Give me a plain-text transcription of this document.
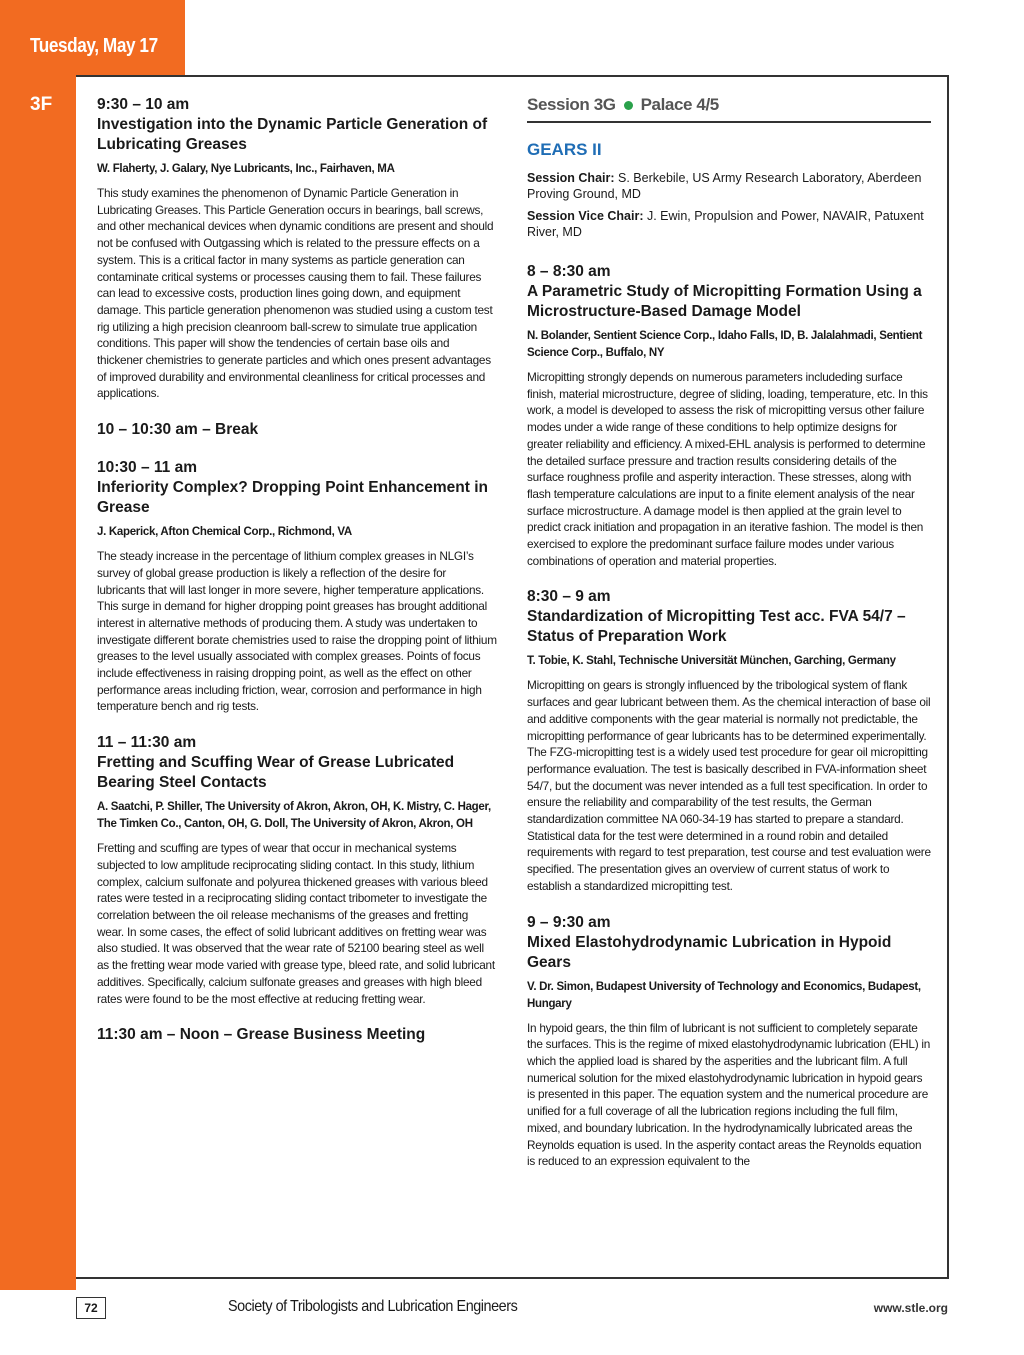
Tuesday, May 17
3F	9:30 – 10 am
Investigation into the Dynamic Particle Generation of Lubricating Greases
W. Flaherty, J. Galary, Nye Lubricants, Inc., Fairhaven, MA
This study examines the phenomenon of Dynamic Particle Generation in Lubricating Greases. This Particle Generation occurs in bearings, ball screws, and other mechanical devices when dynamic conditions are present and should not be confused with Outgassing which is related to the pressure effects on a system. This is a critical factor in many systems as particle generation can contaminate critical systems or processes causing them to fail. These failures can lead to excessive costs, production lines going down, and equipment damage. This particle generation phenomenon was studied using a custom test rig utilizing a high precision cleanroom ball-screw to simulate true application conditions. This paper will show the tendencies of certain base oils and thickener chemistries to generate particles and which ones present advantages of improved durability and environmental cleanliness for critical processes and applications.
10 – 10:30 am – Break
10:30 – 11 am
Inferiority Complex? Dropping Point Enhancement in Grease
J. Kaperick, Afton Chemical Corp., Richmond, VA
The steady increase in the percentage of lithium complex greases in NLGI’s survey of global grease production is likely a reflection of the desire for lubricants that will last longer in more severe, higher temperature applications. This surge in demand for higher dropping point greases has brought additional interest in alternative methods of producing them. A study was undertaken to investigate different borate chemistries used to raise the dropping point of lithium greases to the level usually associated with complex greases. Points of focus include effectiveness in raising dropping point, as well as the effect on other performance areas including friction, wear, corrosion and performance in high temperature bench and rig tests.
11 – 11:30 am
Fretting and Scuffing Wear of Grease Lubricated Bearing Steel Contacts
A. Saatchi, P. Shiller, The University of Akron, Akron, OH, K. Mistry, C. Hager, The Timken Co., Canton, OH, G. Doll, The University of Akron, Akron, OH
Fretting and scuffing are types of wear that occur in mechanical systems subjected to low amplitude reciprocating sliding contact. In this study, lithium complex, calcium sulfonate and polyurea thickened greases with various bleed rates were tested in a reciprocating sliding contact tribometer to investigate the correlation between the oil release mechanisms of the greases and fretting wear. In some cases, the effect of solid lubricant additives on fretting wear was also studied. It was observed that the wear rate of 52100 bearing steel as well as the fretting wear mode varied with grease type, bleed rate, and solid lubricant additives. Specifically, calcium sulfonate greases and greases with high bleed rates were found to be the most effective at reducing fretting wear.
11:30 am – Noon – Grease Business Meeting
Session 3G Palace 4/5
GEARS II
Session Chair: S. Berkebile, US Army Research Laboratory, Aberdeen Proving Ground, MD
Session Vice Chair: J. Ewin, Propulsion and Power, NAVAIR, Patuxent River, MD
8 – 8:30 am
A Parametric Study of Micropitting Formation Using a Microstructure-Based Damage Model
N. Bolander, Sentient Science Corp., Idaho Falls, ID, B. Jalalahmadi, Sentient Science Corp., Buffalo, NY
Micropitting strongly depends on numerous parameters includeding surface finish, material microstructure, degree of sliding, loading, temperature, etc. In this work, a model is developed to assess the risk of micropitting versus other failure modes under a wide range of these conditions to help optimize designs for greater reliability and efficiency. A mixed-EHL analysis is performed to determine the detailed surface pressure and traction results considering details of the surface roughness profile and asperity interaction. These stresses, along with flash temperature calculations are input to a finite element analysis of the near surface microstructure. A damage model is then applied at the grain level to predict crack initiation and propagation in an iterative fashion. The model is then exercised to explore the predominant surface failure modes under various combinations of operation and material properties.
8:30 – 9 am
Standardization of Micropitting Test acc. FVA 54/7 – Status of Preparation Work
T. Tobie, K. Stahl, Technische Universität München, Garching, Germany
Micropitting on gears is strongly influenced by the tribological system of flank surfaces and gear lubricant between them. As the chemical interaction of base oil and additive components with the gear material is normally not predictable, the micropitting performance of gear lubricants has to be determined experimentally. The FZG-micropitting test is a widely used test procedure for gear oil micropitting performance evaluation. The test is basically described in FVA-information sheet 54/7, but the document was never intended as a full test specification. In order to ensure the reliability and comparability of the test results, the German standardization committee NA 060-34-19 has started to prepare a standard. Statistical data for the test were determined in a round robin and detailed requirements with regard to test preparation, test course and test evaluation were specified. The presentation gives an overview of current status of work to establish a standardized micropitting test.
9 – 9:30 am
Mixed Elastohydrodynamic Lubrication in Hypoid Gears
V. Dr. Simon, Budapest University of Technology and Economics, Budapest, Hungary
In hypoid gears, the thin film of lubricant is not sufficient to completely separate the surfaces. This is the regime of mixed elastohydrodynamic lubrication (EHL) in which the applied load is shared by the asperities and the lubricant film. A full numerical solution for the mixed elastohydrodynamic lubrication in hypoid gears is presented in this paper. The equation system and the numerical procedure are unified for a full coverage of all the lubrication regions including the full film, mixed, and boundary lubrication. In the hydrodynamically lubricated areas the Reynolds equation is used. In the asperity contact areas the Reynolds equation is reduced to an expression equivalent to the
72	Society of Tribologists and Lubrication Engineers	www.stle.org
